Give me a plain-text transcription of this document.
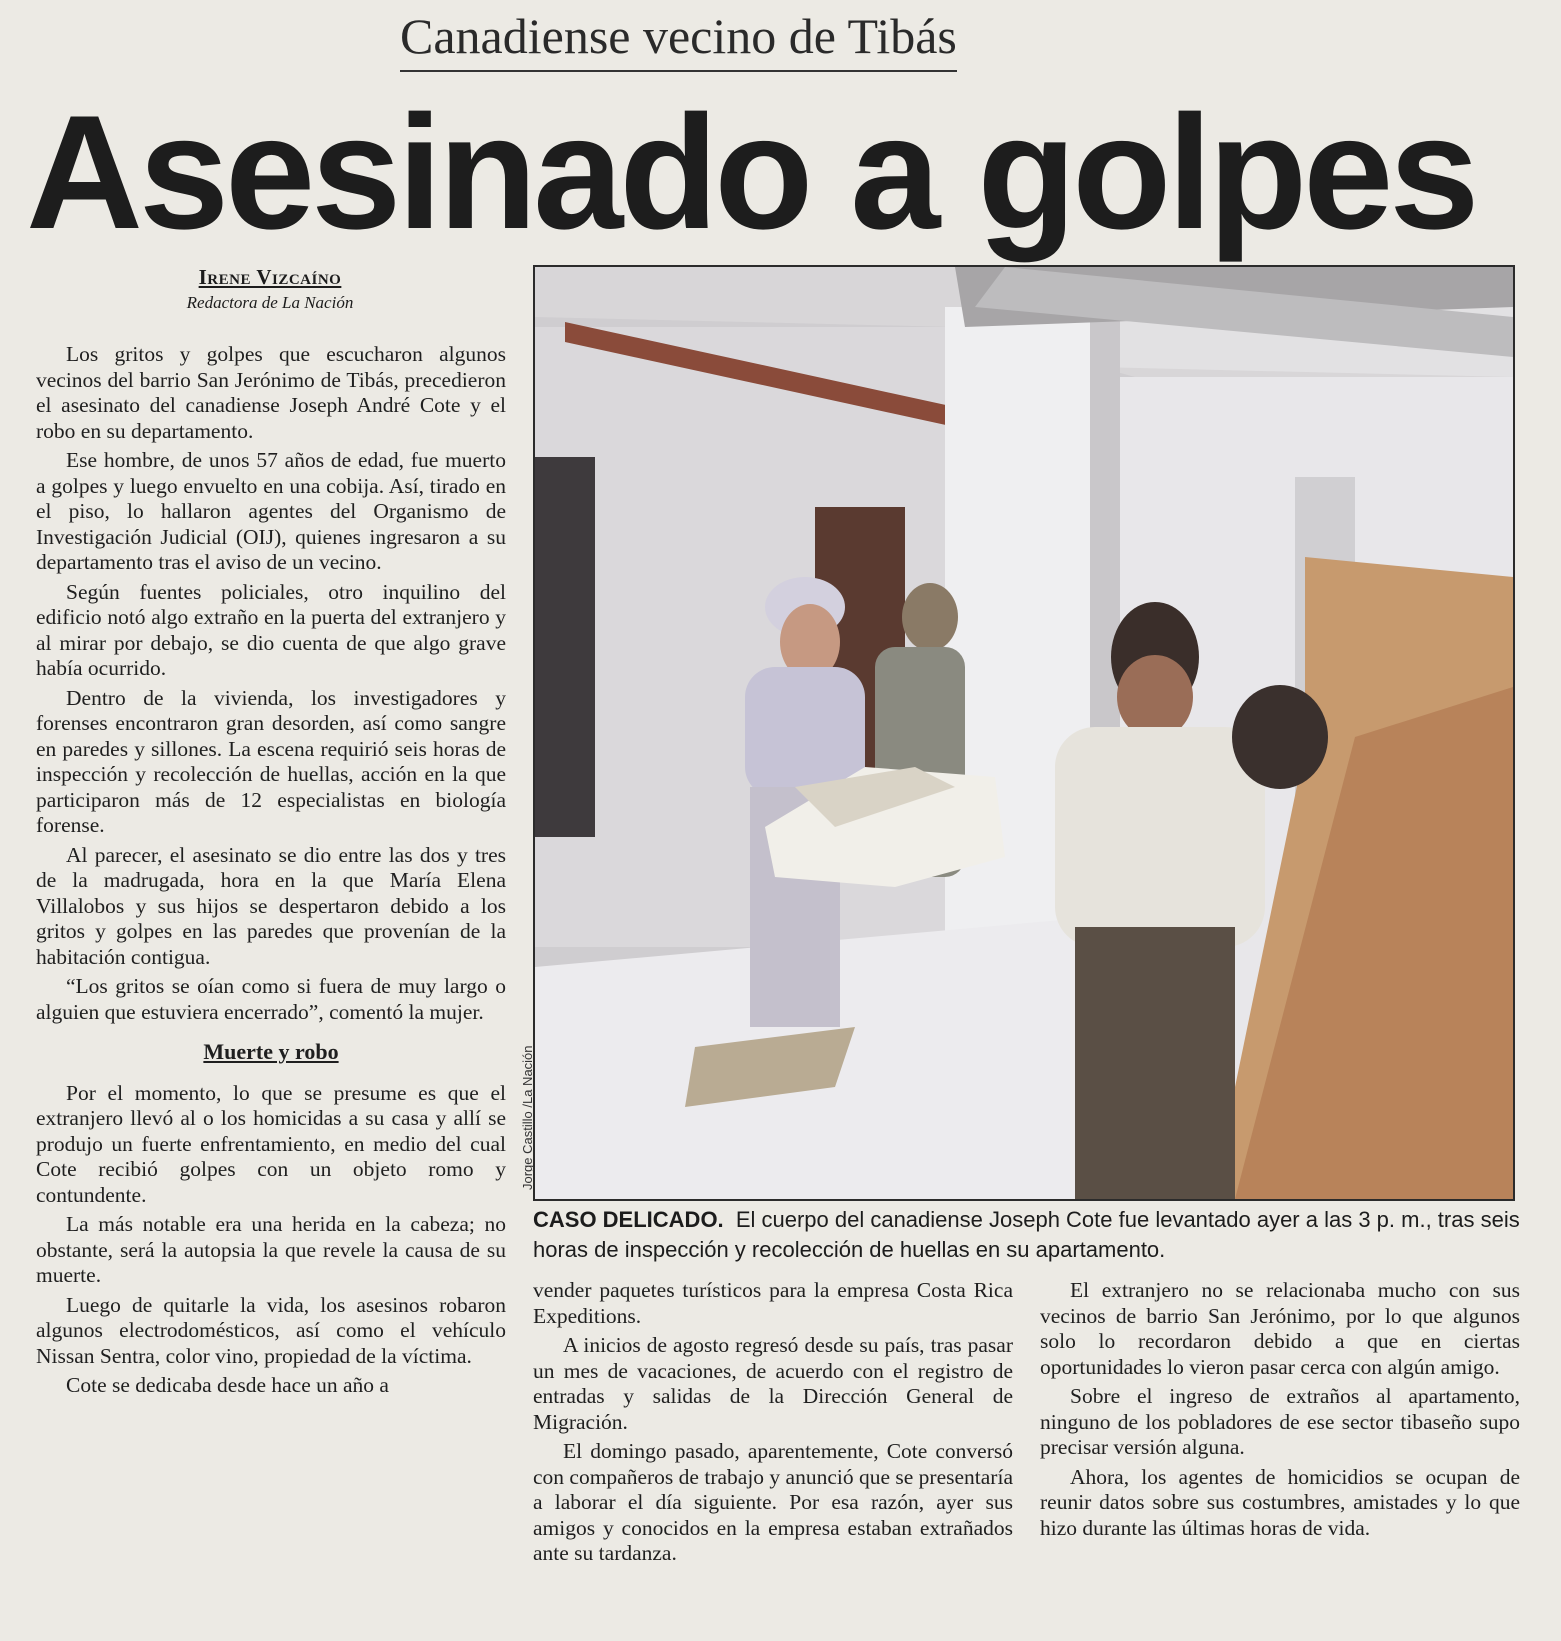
Canadiense vecino de Tibás
Asesinado a golpes
Irene Vizcaíno
Redactora de La Nación

Los gritos y golpes que escucharon algunos vecinos del barrio San Jerónimo de Tibás, precedieron el asesinato del canadiense Joseph André Cote y el robo en su departamento.

Ese hombre, de unos 57 años de edad, fue muerto a golpes y luego envuelto en una cobija. Así, tirado en el piso, lo hallaron agentes del Organismo de Investigación Judicial (OIJ), quienes ingresaron a su departamento tras el aviso de un vecino.

Según fuentes policiales, otro inquilino del edificio notó algo extraño en la puerta del extranjero y al mirar por debajo, se dio cuenta de que algo grave había ocurrido.

Dentro de la vivienda, los investigadores y forenses encontraron gran desorden, así como sangre en paredes y sillones. La escena requirió seis horas de inspección y recolección de huellas, acción en la que participaron más de 12 especialistas en biología forense.

Al parecer, el asesinato se dio entre las dos y tres de la madrugada, hora en la que María Elena Villalobos y sus hijos se despertaron debido a los gritos y golpes en las paredes que provenían de la habitación contigua.

“Los gritos se oían como si fuera de muy largo o alguien que estuviera encerrado”, comentó la mujer.

Muerte y robo

Por el momento, lo que se presume es que el extranjero llevó al o los homicidas a su casa y allí se produjo un fuerte enfrentamiento, en medio del cual Cote recibió golpes con un objeto romo y contundente.

La más notable era una herida en la cabeza; no obstante, será la autopsia la que revele la causa de su muerte.

Luego de quitarle la vida, los asesinos robaron algunos electrodomésticos, así como el vehículo Nissan Sentra, color vino, propiedad de la víctima.

Cote se dedicaba desde hace un año a

Jorge Castillo /La Nación
CASO DELICADO. El cuerpo del canadiense Joseph Cote fue levantado ayer a las 3 p. m., tras seis horas de inspección y recolección de huellas en su apartamento.

vender paquetes turísticos para la empresa Costa Rica Expeditions.

A inicios de agosto regresó desde su país, tras pasar un mes de vacaciones, de acuerdo con el registro de entradas y salidas de la Dirección General de Migración.

El domingo pasado, aparentemente, Cote conversó con compañeros de trabajo y anunció que se presentaría a laborar el día siguiente. Por esa razón, ayer sus amigos y conocidos en la empresa estaban extrañados ante su tardanza.

El extranjero no se relacionaba mucho con sus vecinos de barrio San Jerónimo, por lo que algunos solo lo recordaron debido a que en ciertas oportunidades lo vieron pasar cerca con algún amigo.

Sobre el ingreso de extraños al apartamento, ninguno de los pobladores de ese sector tibaseño supo precisar versión alguna.

Ahora, los agentes de homicidios se ocupan de reunir datos sobre sus costumbres, amistades y lo que hizo durante las últimas horas de vida.
